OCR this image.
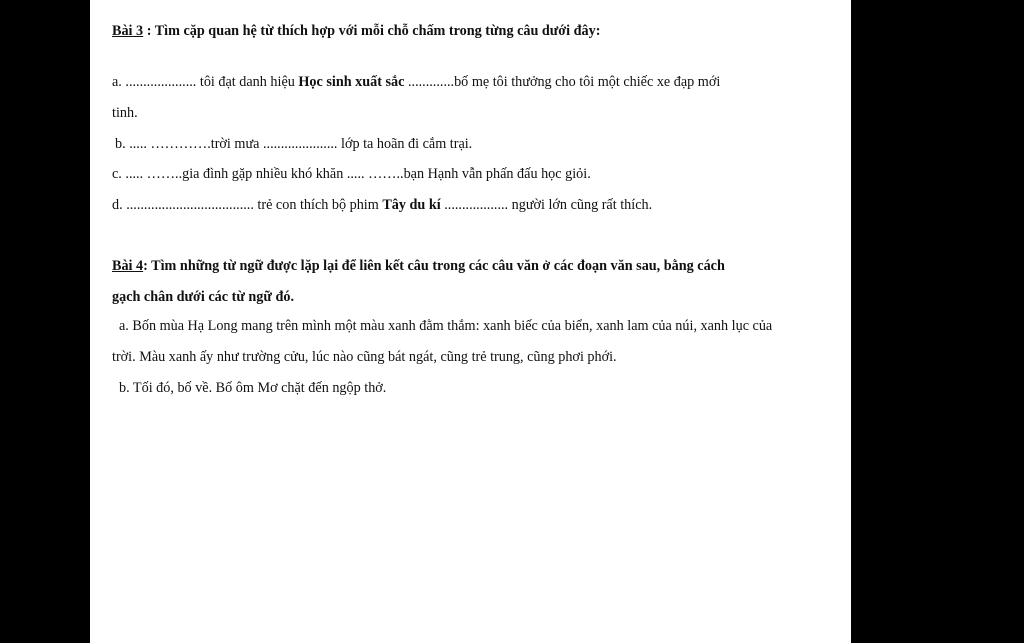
Bài 3 : Tìm cặp quan hệ từ thích hợp với mỗi chỗ chấm trong từng câu dưới đây:
a. .................... tôi đạt danh hiệu Học sinh xuất sắc .............bố mẹ tôi thưởng cho tôi một chiếc xe đạp mới
tinh.
b. ..... ………….trời mưa ..................... lớp ta hoãn đi cắm trại.
c. ..... ……..gia đình gặp nhiều khó khăn ..... ……..bạn Hạnh vẫn phấn đấu học giỏi.
d. .................................... trẻ con thích bộ phim Tây du kí .................. người lớn cũng rất thích.
Bài 4: Tìm những từ ngữ được lặp lại để liên kết câu trong các câu văn ở các đoạn văn sau, bằng cách
gạch chân dưới các từ ngữ đó.
a. Bốn mùa Hạ Long mang trên mình một màu xanh đằm thắm: xanh biếc của biển, xanh lam của núi, xanh lục của
trời. Màu xanh ấy như trường cửu, lúc nào cũng bát ngát, cũng trẻ trung, cũng phơi phới.
b. Tối đó, bố về. Bố ôm Mơ chặt đến ngộp thở.
